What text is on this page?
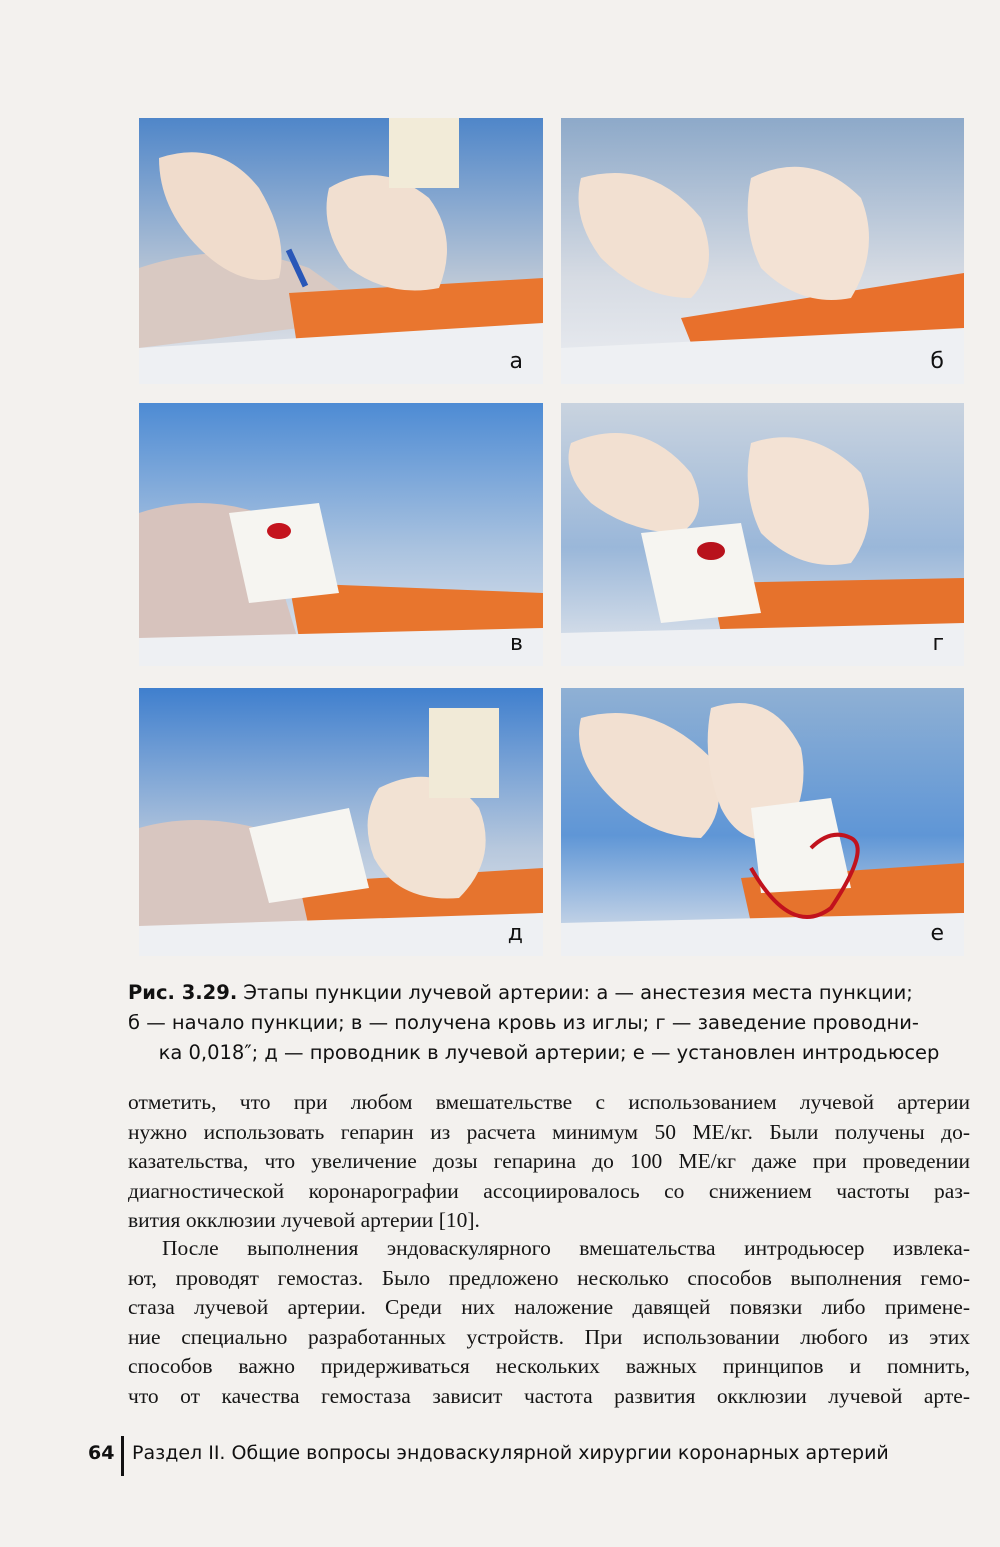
а	б
в	г
д	е
Рис. 3.29. Этапы пункции лучевой артерии: а — анестезия места пункции;
б — начало пункции; в — получена кровь из иглы; г — заведение проводни-
ка 0,018″; д — проводник в лучевой артерии; е — установлен интродьюсер
отметить, что при любом вмешательстве с использованием лучевой артерии
нужно использовать гепарин из расчета минимум 50 МЕ/кг. Были получены до-
казательства, что увеличение дозы гепарина до 100 МЕ/кг даже при проведении
диагностической коронарографии ассоциировалось со снижением частоты раз-
вития окклюзии лучевой артерии [10].
После выполнения эндоваскулярного вмешательства интродьюсер извлека-
ют, проводят гемостаз. Было предложено несколько способов выполнения гемо-
стаза лучевой артерии. Среди них наложение давящей повязки либо примене-
ние специально разработанных устройств. При использовании любого из этих
способов важно придерживаться нескольких важных принципов и помнить,
что от качества гемостаза зависит частота развития окклюзии лучевой арте-
64 Раздел II. Общие вопросы эндоваскулярной хирургии коронарных артерий
